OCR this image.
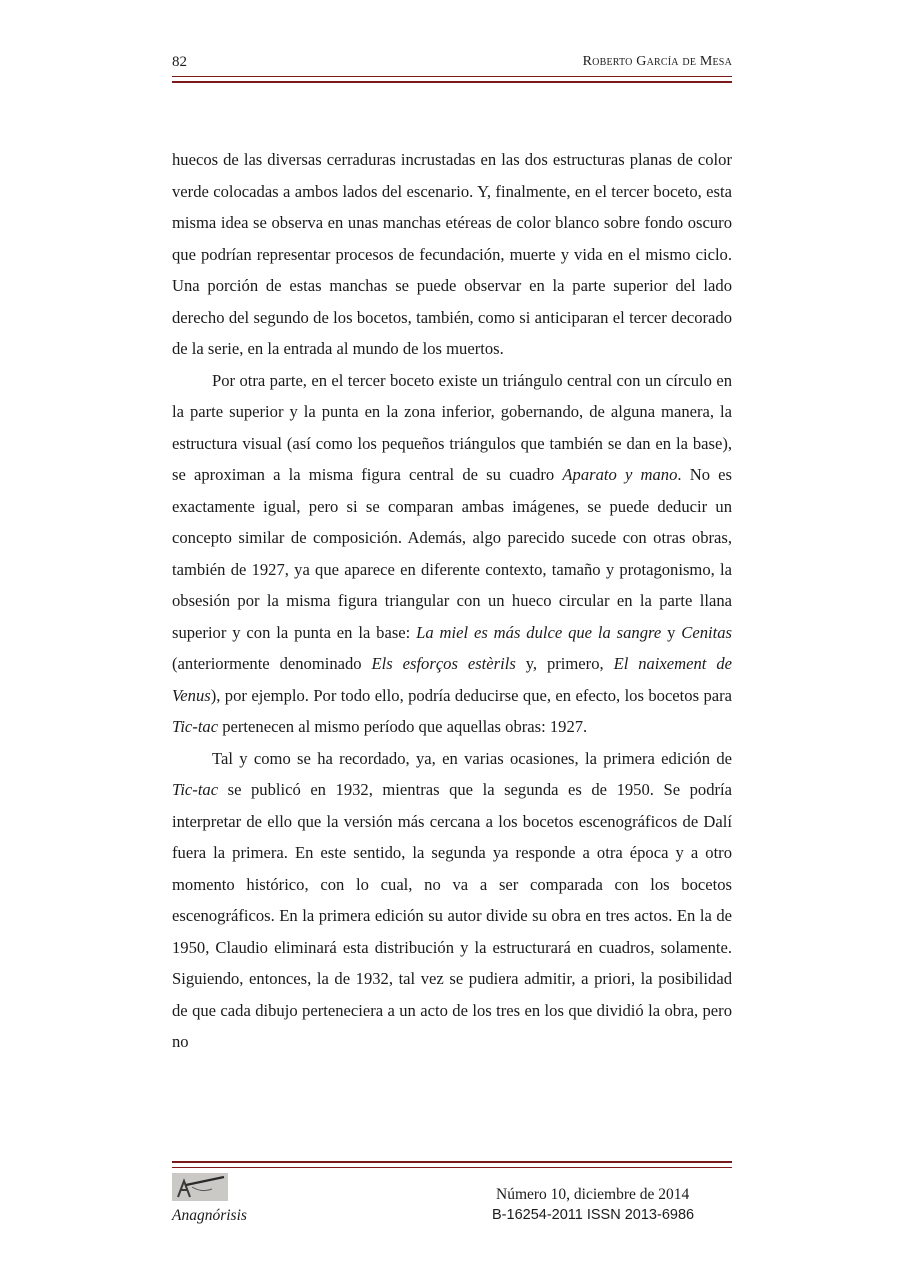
82	Roberto García de Mesa

huecos de las diversas cerraduras incrustadas en las dos estructuras planas de color verde colocadas a ambos lados del escenario. Y, finalmente, en el tercer boceto, esta misma idea se observa en unas manchas etéreas de color blanco sobre fondo oscuro que podrían representar procesos de fecundación, muerte y vida en el mismo ciclo. Una porción de estas manchas se puede observar en la parte superior del lado derecho del segundo de los bocetos, también, como si anticiparan el tercer decorado de la serie, en la entrada al mundo de los muertos.

Por otra parte, en el tercer boceto existe un triángulo central con un círculo en la parte superior y la punta en la zona inferior, gobernando, de alguna manera, la estructura visual (así como los pequeños triángulos que también se dan en la base), se aproximan a la misma figura central de su cuadro Aparato y mano. No es exactamente igual, pero si se comparan ambas imágenes, se puede deducir un concepto similar de composición. Además, algo parecido sucede con otras obras, también de 1927, ya que aparece en diferente contexto, tamaño y protagonismo, la obsesión por la misma figura triangular con un hueco circular en la parte llana superior y con la punta en la base: La miel es más dulce que la sangre y Cenitas (anteriormente denominado Els esforços estèrils y, primero, El naixement de Venus), por ejemplo. Por todo ello, podría deducirse que, en efecto, los bocetos para Tic-tac pertenecen al mismo período que aquellas obras: 1927.

Tal y como se ha recordado, ya, en varias ocasiones, la primera edición de Tic-tac se publicó en 1932, mientras que la segunda es de 1950. Se podría interpretar de ello que la versión más cercana a los bocetos escenográficos de Dalí fuera la primera. En este sentido, la segunda ya responde a otra época y a otro momento histórico, con lo cual, no va a ser comparada con los bocetos escenográficos. En la primera edición su autor divide su obra en tres actos. En la de 1950, Claudio eliminará esta distribución y la estructurará en cuadros, solamente. Siguiendo, entonces, la de 1932, tal vez se pudiera admitir, a priori, la posibilidad de que cada dibujo perteneciera a un acto de los tres en los que dividió la obra, pero no

Anagnórisis
Número 10, diciembre de 2014
B-16254-2011 ISSN 2013-6986
